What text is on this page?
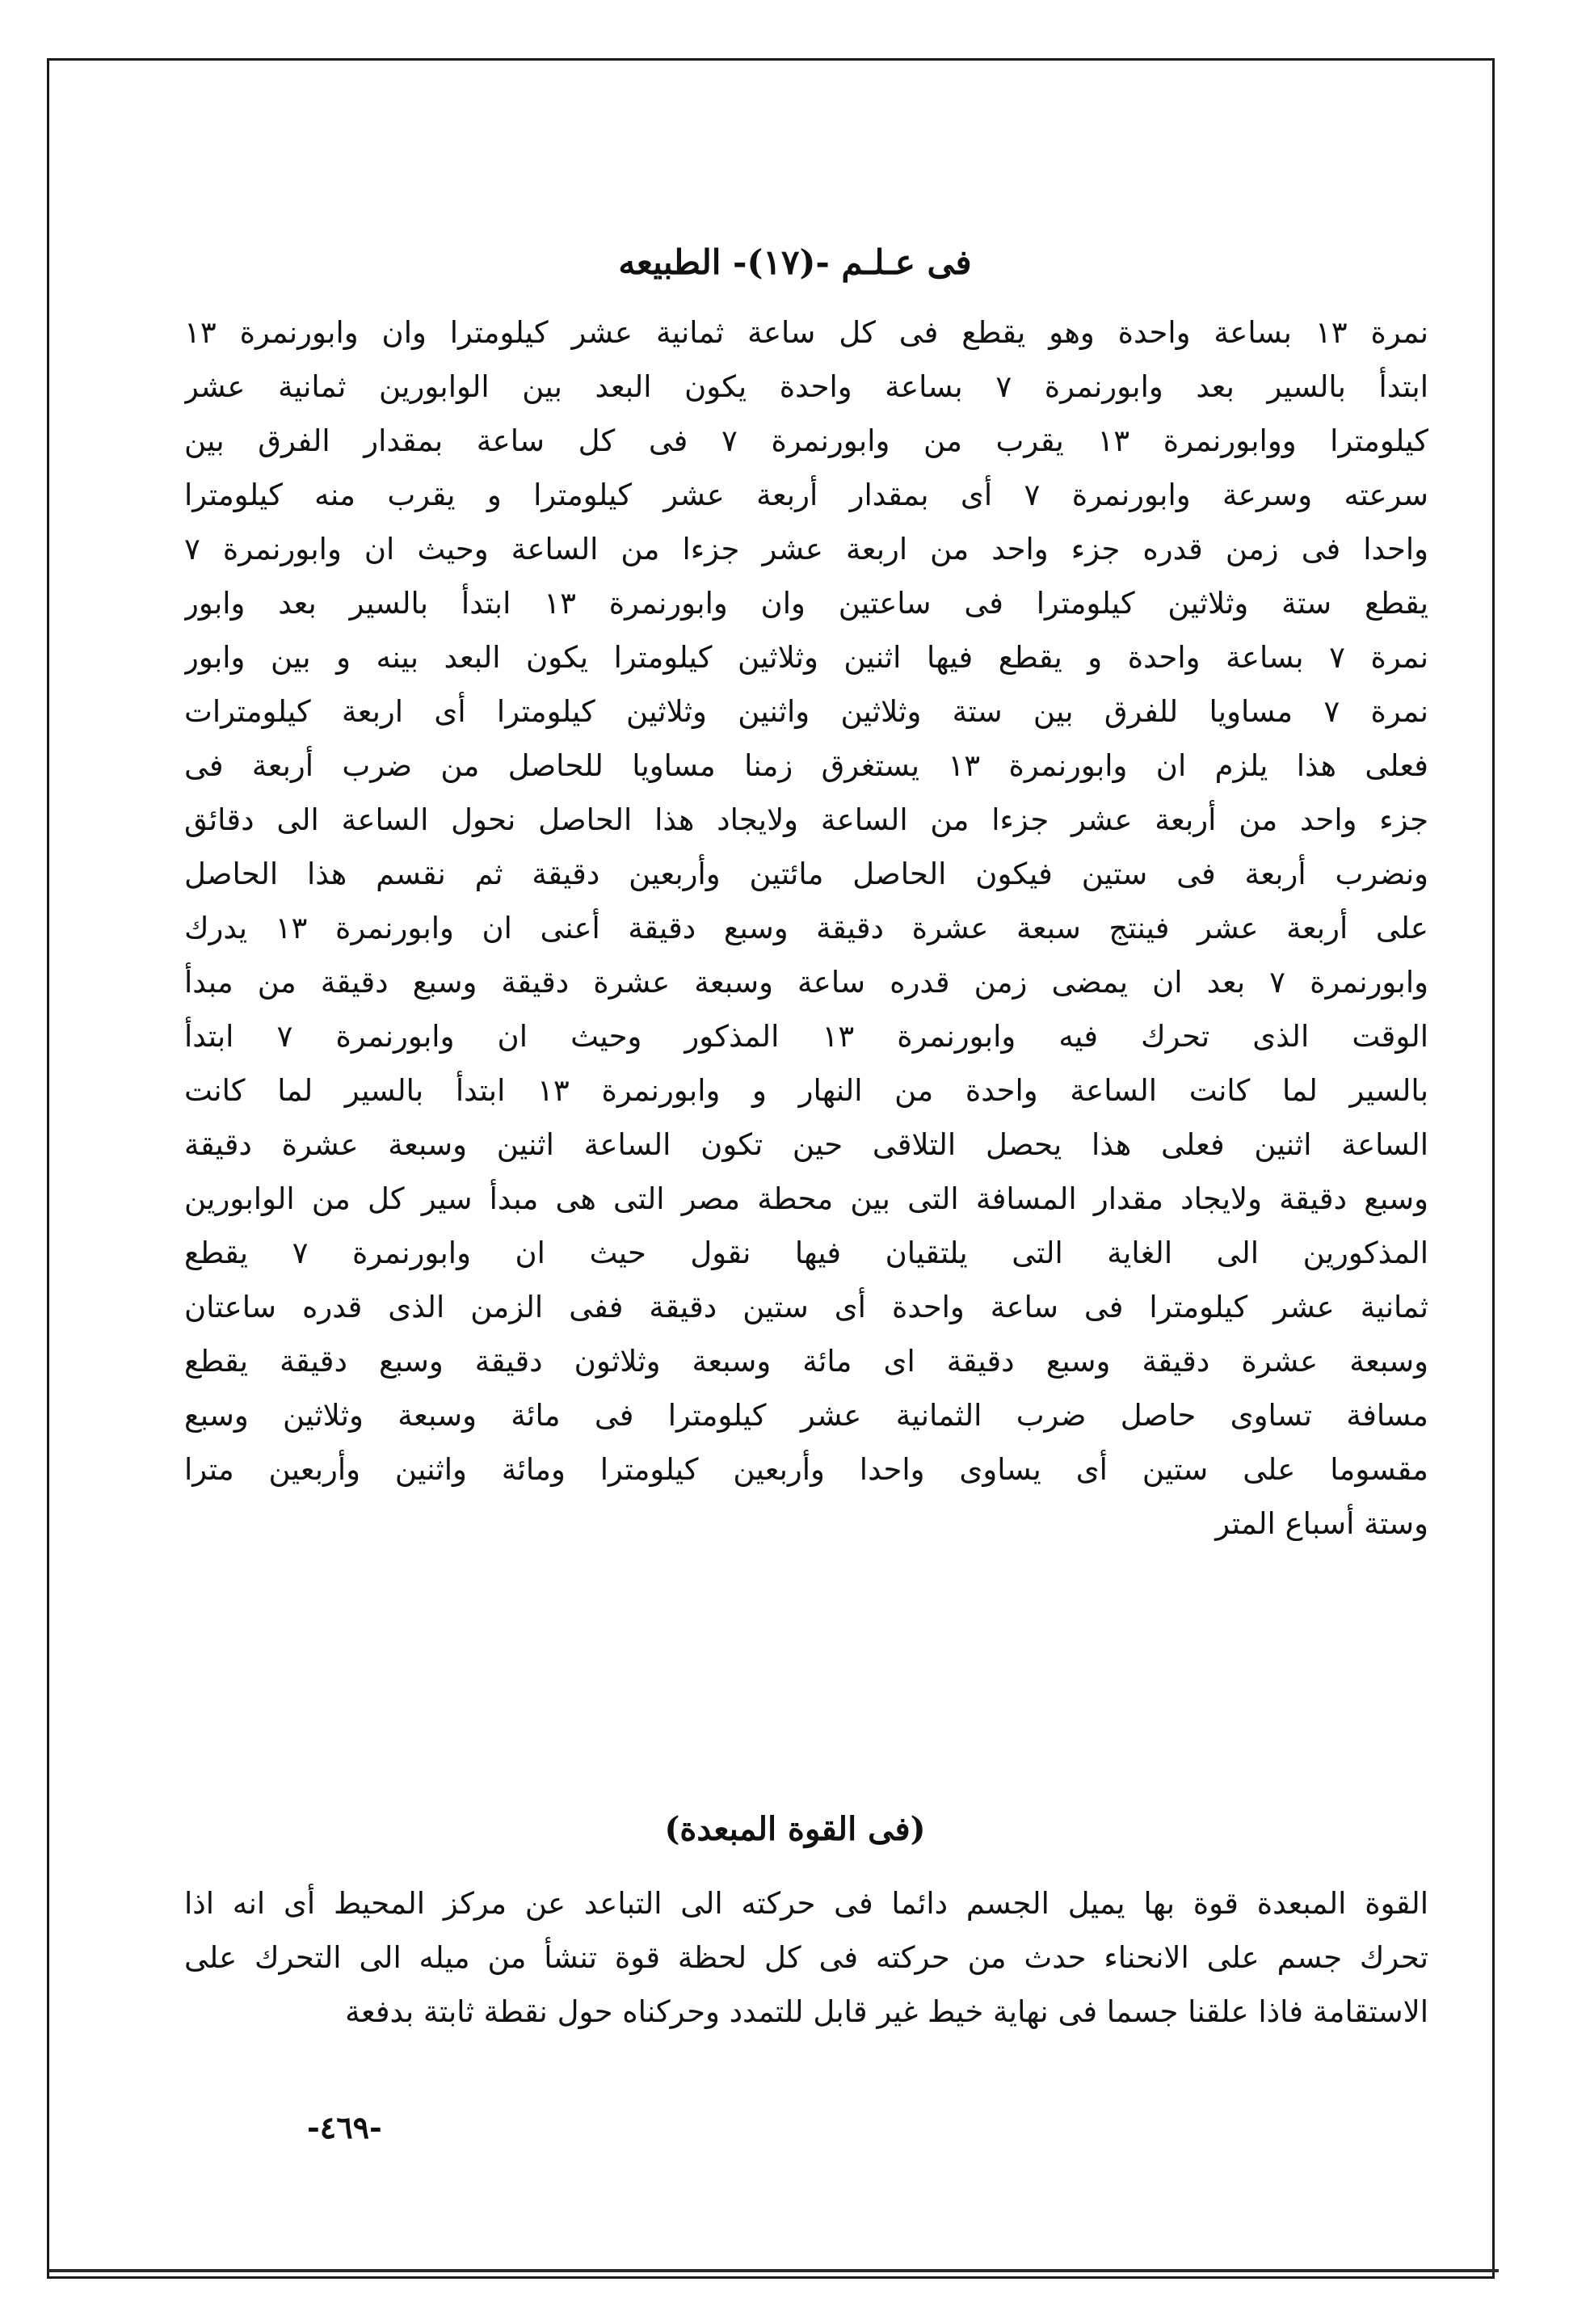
فى عـلـم -(١٧)- الطبيعه
نمرة ١٣ بساعة واحدة وهو يقطع فى كل ساعة ثمانية عشر كيلومترا وان وابورنمرة ١٣
ابتدأ بالسير بعد وابورنمرة ٧ بساعة واحدة يكون البعد بين الوابورين ثمانية عشر
كيلومترا ووابورنمرة ١٣ يقرب من وابورنمرة ٧ فى كل ساعة بمقدار الفرق بين
سرعته وسرعة وابورنمرة ٧ أى بمقدار أربعة عشر كيلومترا و يقرب منه كيلومترا
واحدا فى زمن قدره جزء واحد من اربعة عشر جزءا من الساعة وحيث ان وابورنمرة ٧
يقطع ستة وثلاثين كيلومترا فى ساعتين وان وابورنمرة ١٣ ابتدأ بالسير بعد وابور
نمرة ٧ بساعة واحدة و يقطع فيها اثنين وثلاثين كيلومترا يكون البعد بينه و بين وابور
نمرة ٧ مساويا للفرق بين ستة وثلاثين واثنين وثلاثين كيلومترا أى اربعة كيلومترات
فعلى هذا يلزم ان وابورنمرة ١٣ يستغرق زمنا مساويا للحاصل من ضرب أربعة فى
جزء واحد من أربعة عشر جزءا من الساعة ولايجاد هذا الحاصل نحول الساعة الى دقائق
ونضرب أربعة فى ستين فيكون الحاصل مائتين وأربعين دقيقة ثم نقسم هذا الحاصل
على أربعة عشر فينتج سبعة عشرة دقيقة وسبع دقيقة أعنى ان وابورنمرة ١٣ يدرك
وابورنمرة ٧ بعد ان يمضى زمن قدره ساعة وسبعة عشرة دقيقة وسبع دقيقة من مبدأ
الوقت الذى تحرك فيه وابورنمرة ١٣ المذكور وحيث ان وابورنمرة ٧ ابتدأ
بالسير لما كانت الساعة واحدة من النهار و وابورنمرة ١٣ ابتدأ بالسير لما كانت
الساعة اثنين فعلى هذا يحصل التلاقى حين تكون الساعة اثنين وسبعة عشرة دقيقة
وسبع دقيقة ولايجاد مقدار المسافة التى بين محطة مصر التى هى مبدأ سير كل من الوابورين
المذكورين الى الغاية التى يلتقيان فيها نقول حيث ان وابورنمرة ٧ يقطع
ثمانية عشر كيلومترا فى ساعة واحدة أى ستين دقيقة ففى الزمن الذى قدره ساعتان
وسبعة عشرة دقيقة وسبع دقيقة اى مائة وسبعة وثلاثون دقيقة وسبع دقيقة يقطع
مسافة تساوى حاصل ضرب الثمانية عشر كيلومترا فى مائة وسبعة وثلاثين وسبع
مقسوما على ستين أى يساوى واحدا وأربعين كيلومترا ومائة واثنين وأربعين مترا
وستة أسباع المتر
(فى القوة المبعدة)
القوة المبعدة قوة بها يميل الجسم دائما فى حركته الى التباعد عن مركز المحيط أى انه اذا
تحرك جسم على الانحناء حدث من حركته فى كل لحظة قوة تنشأ من ميله الى التحرك على
الاستقامة فاذا علقنا جسما فى نهاية خيط غير قابل للتمدد وحركناه حول نقطة ثابتة بدفعة
-٤٦٩-
